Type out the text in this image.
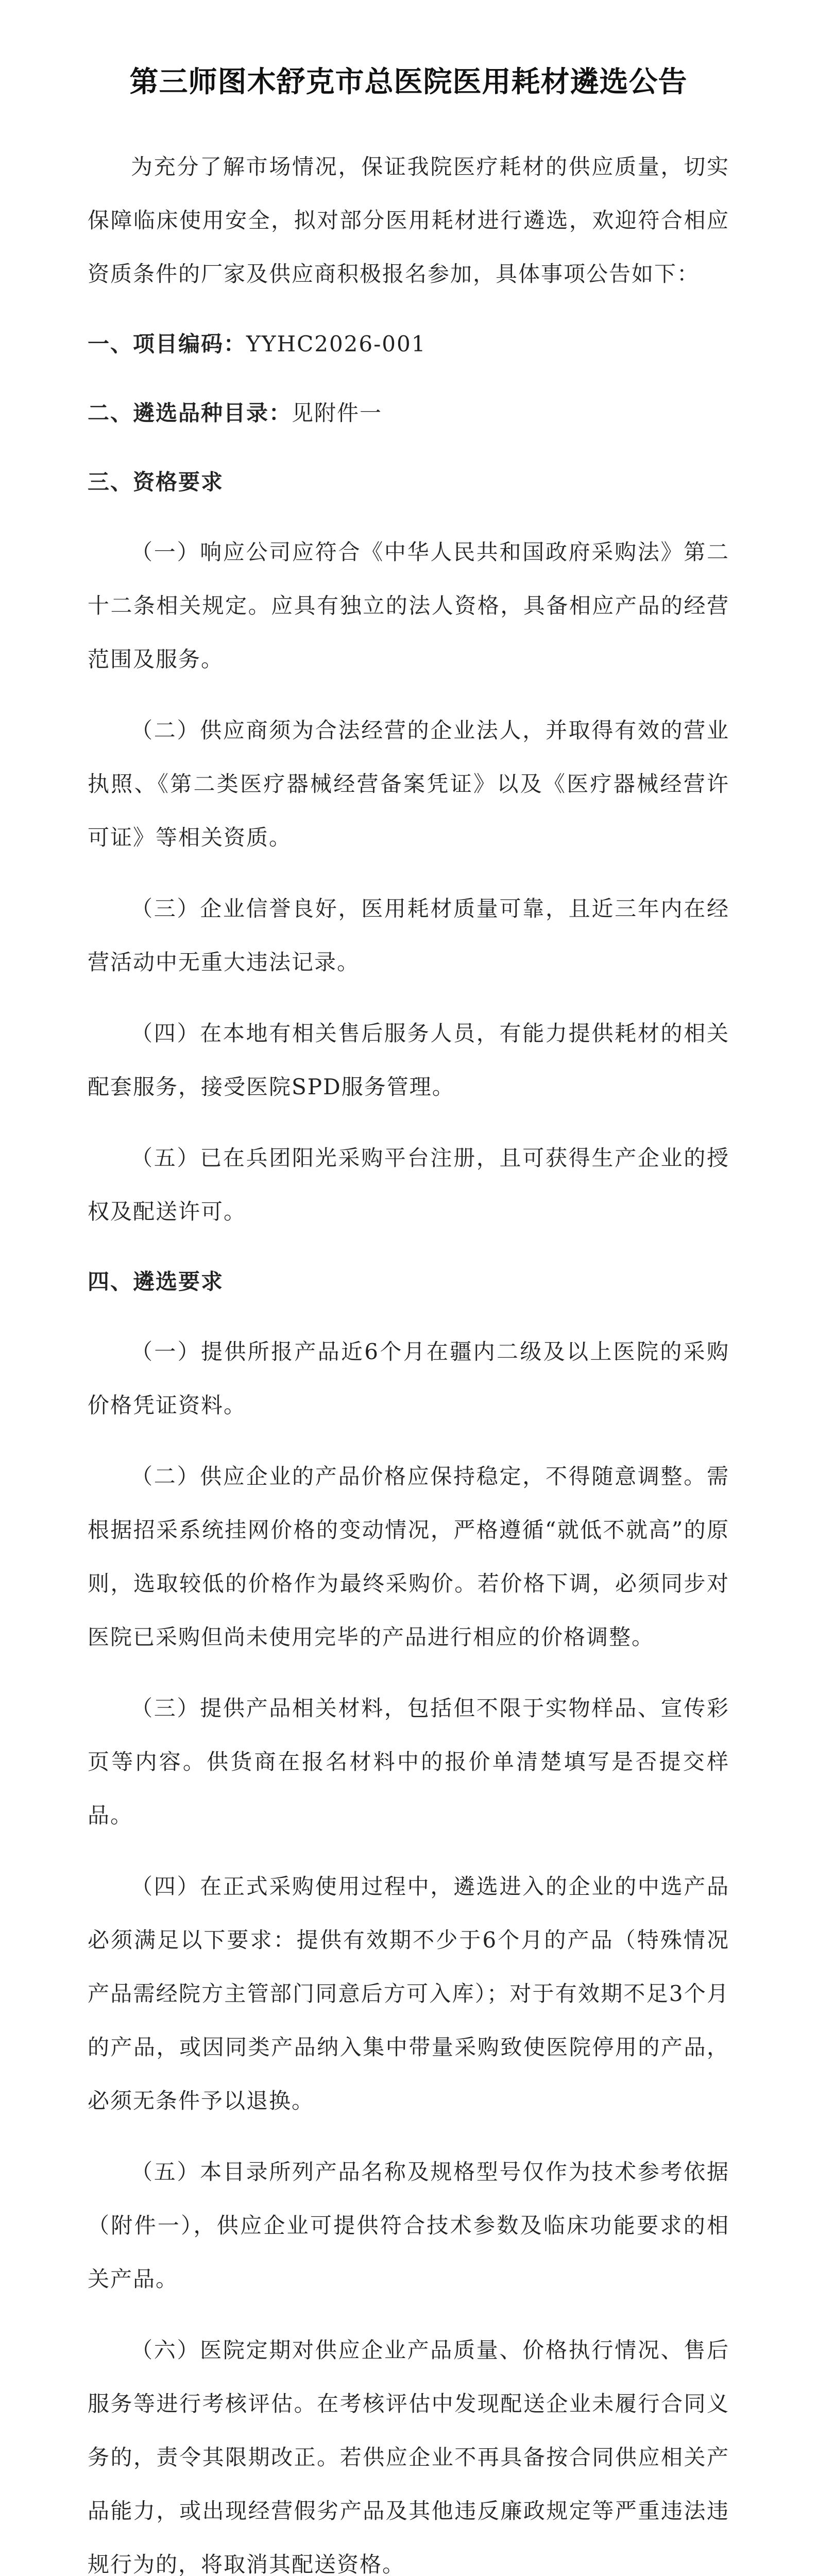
第三师图木舒克市总医院医用耗材遴选公告
为充分了解市场情况，保证我院医疗耗材的供应质量，切实保障临床使用安全，拟对部分医用耗材进行遴选，欢迎符合相应资质条件的厂家及供应商积极报名参加，具体事项公告如下：
一、项目编码：YYHC2026-001
二、遴选品种目录：见附件一
三、资格要求
（一）响应公司应符合《中华人民共和国政府采购法》第二十二条相关规定。应具有独立的法人资格，具备相应产品的经营范围及服务。
（二）供应商须为合法经营的企业法人，并取得有效的营业执照、《第二类医疗器械经营备案凭证》以及《医疗器械经营许可证》等相关资质。
（三）企业信誉良好，医用耗材质量可靠，且近三年内在经营活动中无重大违法记录。
（四）在本地有相关售后服务人员，有能力提供耗材的相关配套服务，接受医院SPD服务管理。
（五）已在兵团阳光采购平台注册，且可获得生产企业的授权及配送许可。
四、遴选要求
（一）提供所报产品近6个月在疆内二级及以上医院的采购价格凭证资料。
（二）供应企业的产品价格应保持稳定，不得随意调整。需根据招采系统挂网价格的变动情况，严格遵循“就低不就高”的原则，选取较低的价格作为最终采购价。若价格下调，必须同步对医院已采购但尚未使用完毕的产品进行相应的价格调整。
（三）提供产品相关材料，包括但不限于实物样品、宣传彩页等内容。供货商在报名材料中的报价单清楚填写是否提交样品。
（四）在正式采购使用过程中，遴选进入的企业的中选产品必须满足以下要求：提供有效期不少于6个月的产品（特殊情况产品需经院方主管部门同意后方可入库）；对于有效期不足3个月的产品，或因同类产品纳入集中带量采购致使医院停用的产品，必须无条件予以退换。
（五）本目录所列产品名称及规格型号仅作为技术参考依据（附件一），供应企业可提供符合技术参数及临床功能要求的相关产品。
（六）医院定期对供应企业产品质量、价格执行情况、售后服务等进行考核评估。在考核评估中发现配送企业未履行合同义务的，责令其限期改正。若供应企业不再具备按合同供应相关产品能力，或出现经营假劣产品及其他违反廉政规定等严重违法违规行为的，将取消其配送资格。
